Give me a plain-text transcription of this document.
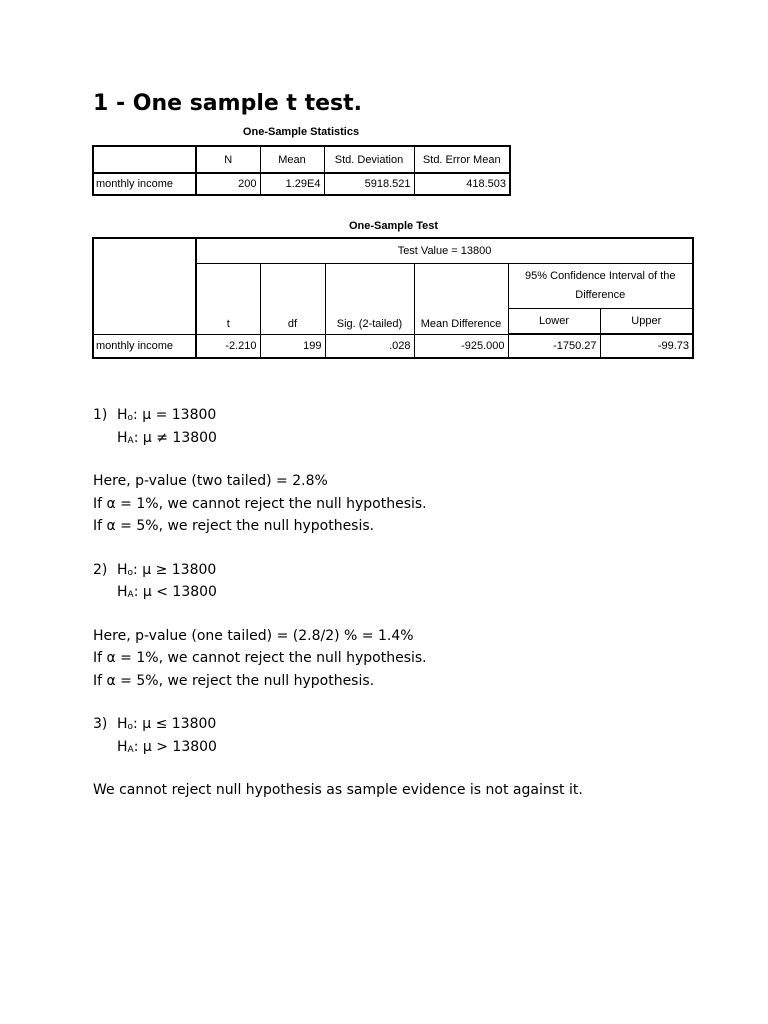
1 - One sample t test.
One-Sample Statistics
	N	Mean	Std. Deviation	Std. Error Mean
monthly income	200	1.29E4	5918.521	418.503
One-Sample Test
	Test Value = 13800					
	t	df	Sig. (2-tailed)	Mean Difference	95% Confidence Interval of the
Difference	

					Lower	Upper
monthly income	-2.210	199	.028	-925.000	-1750.27	-99.73
1) $H_o$: μ = 13800
$H_A$: μ ≠ 13800
Here, p-value (two tailed) = 2.8%
If α = 1%, we cannot reject the null hypothesis.
If α = 5%, we reject the null hypothesis.
2) $H_o$: μ ≥ 13800
$H_A$: μ < 13800
Here, p-value (one tailed) = (2.8/2) % = 1.4%
If α = 1%, we cannot reject the null hypothesis.
If α = 5%, we reject the null hypothesis.
3) $H_o$: μ ≤ 13800
$H_A$: μ > 13800
We cannot reject null hypothesis as sample evidence is not against it.
